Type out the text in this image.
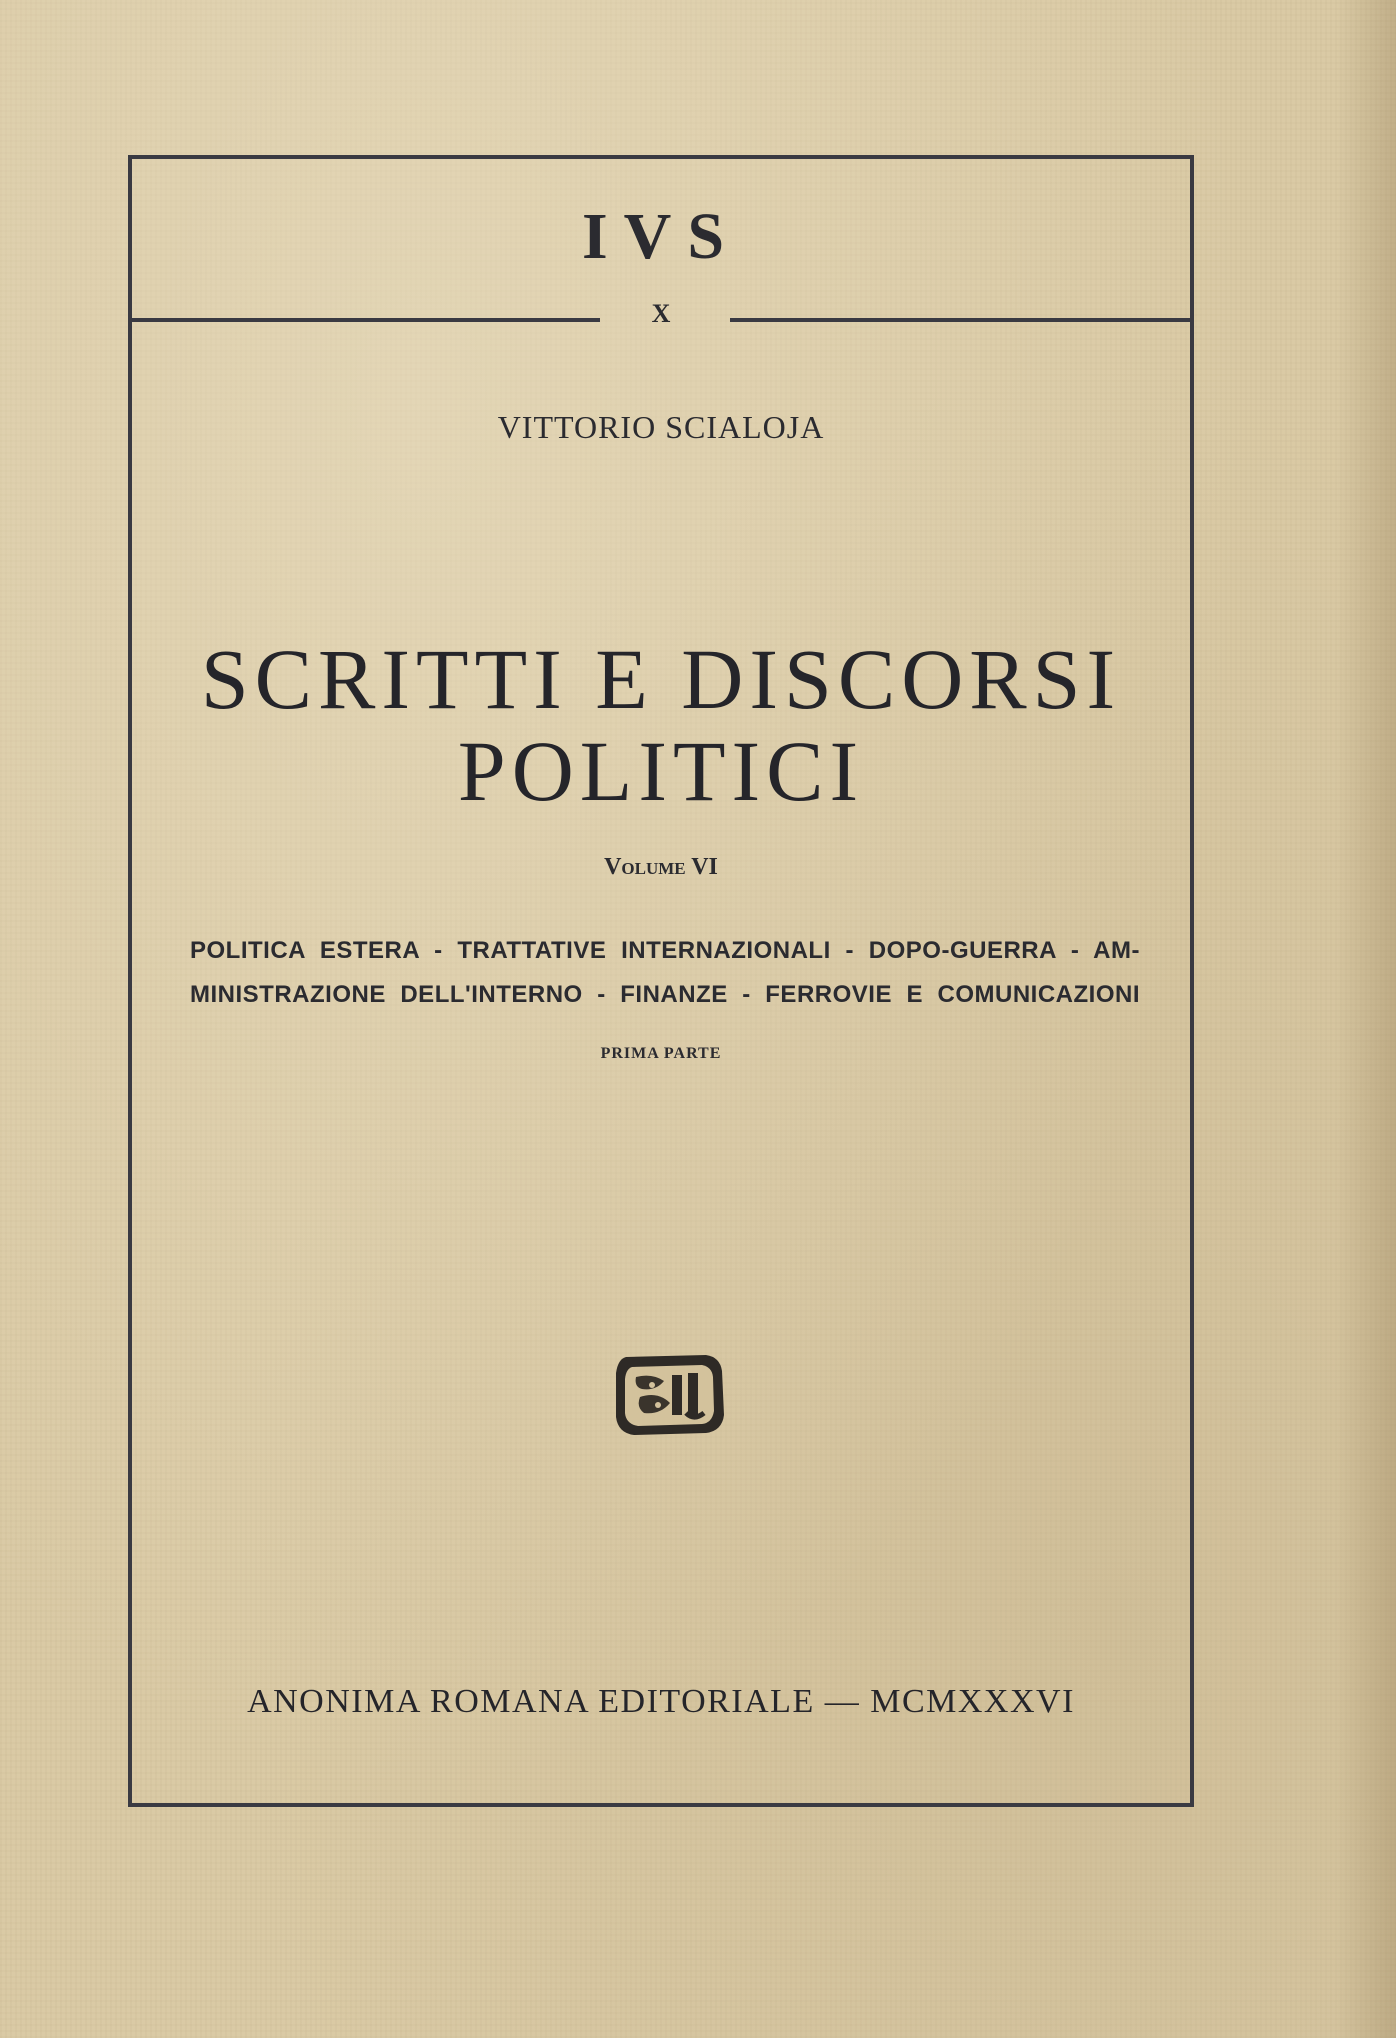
IVS
X
VITTORIO SCIALOJA
SCRITTI E DISCORSI
POLITICI
Volume VI
POLITICA ESTERA - TRATTATIVE INTERNAZIONALI - DOPO-GUERRA - AM-
MINISTRAZIONE DELL'INTERNO - FINANZE - FERROVIE E COMUNICAZIONI
PRIMA PARTE
ANONIMA ROMANA EDITORIALE — MCMXXXVI
